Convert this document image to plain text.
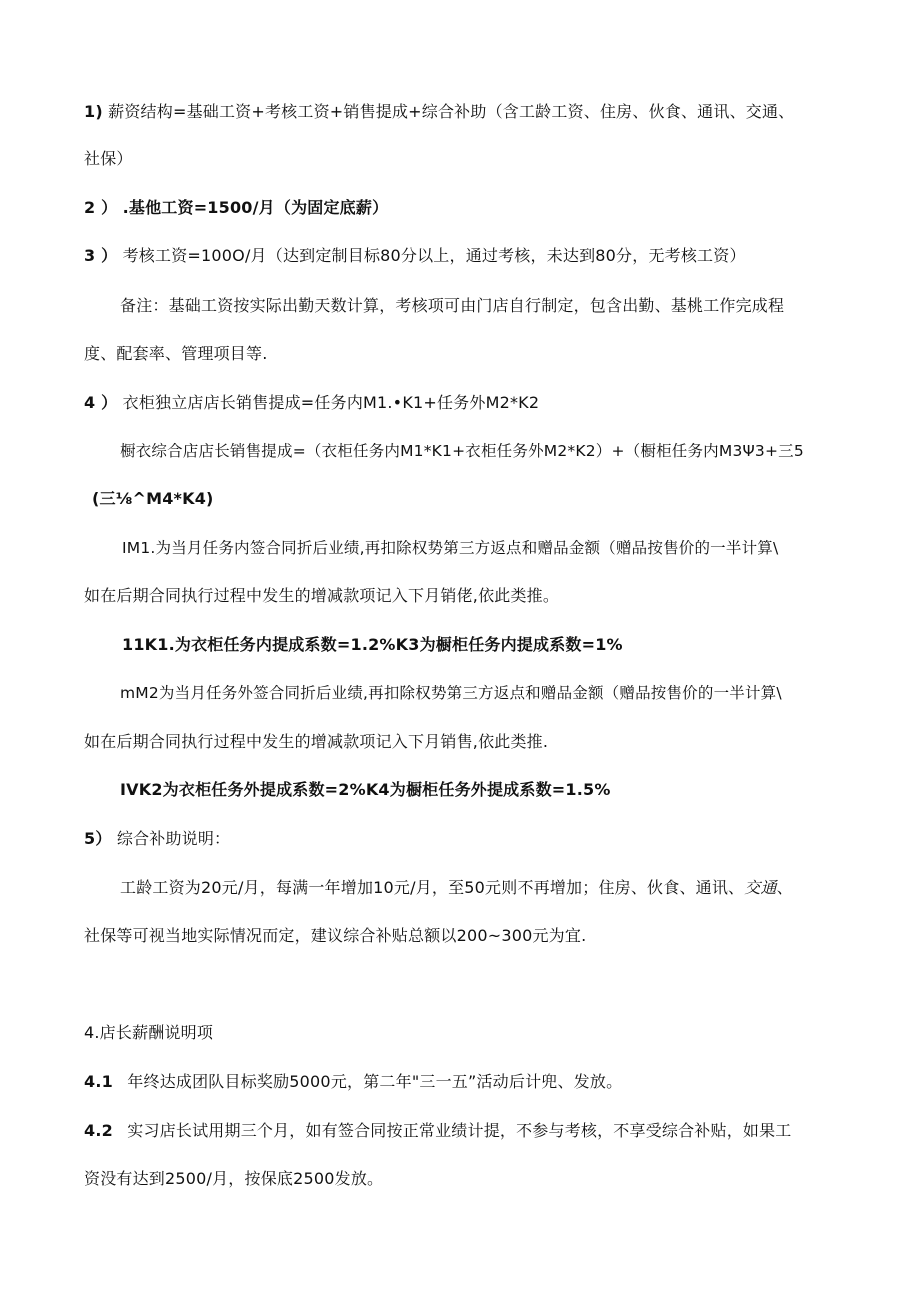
1) 薪资结构=基础工资+考核工资+销售提成+综合补助（含工龄工资、住房、伙食、通讯、交通、
社保）
2 ） .基他工资=1500/月（为固定底薪）
3 ） 考核工资=100O/月（达到定制目标80分以上，通过考核，未达到80分，无考核工资）
备注：基础工资按实际出勤天数计算，考核项可由门店自行制定，包含出勤、基桃工作完成程
度、配套率、管理项目等.
4 ） 衣柜独立店店长销售提成=任务内M1.•K1+任务外M2*K2
橱衣综合店店长销售提成=（衣柜任务内M1*K1+衣柜任务外M2*K2）+（橱柜任务内M3Ψ3+三5
(三⅛^M4*K4)
IM1.为当月任务内签合同折后业绩,再扣除权势第三方返点和赠品金额（赠品按售价的一半计算\
如在后期合同执行过程中发生的增减款项记入下月销佬,依此类推。
11K1.为衣柜任务内提成系数=1.2%K3为橱柜任务内提成系数=1%
mM2为当月任务外签合同折后业绩,再扣除权势第三方返点和赠品金额（赠品按售价的一半计算\
如在后期合同执行过程中发生的增减款项记入下月销售,依此类推.
IVK2为衣柜任务外提成系数=2%K4为橱柜任务外提成系数=1.5%
5） 综合补助说明：
工龄工资为20元/月，每满一年增加10元/月，至50元则不再增加；住房、伙食、通讯、交通、
社保等可视当地实际情况而定，建议综合补贴总额以200~300元为宜.
4.店长薪酬说明项
4.1 年终达成团队目标奖励5000元，第二年"三一五”活动后计兜、发放。
4.2 实习店长试用期三个月，如有签合同按正常业绩计提，不参与考核，不享受综合补贴，如果工
资没有达到2500/月，按保底2500发放。
